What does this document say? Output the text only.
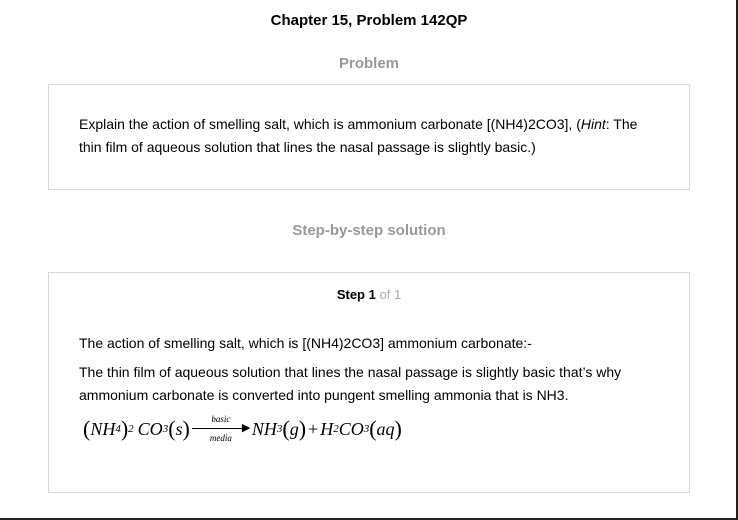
Chapter 15, Problem 142QP
Problem
Explain the action of smelling salt, which is ammonium carbonate [(NH4)2CO3], (Hint: The thin film of aqueous solution that lines the nasal passage is slightly basic.)
Step-by-step solution
Step 1 of 1
The action of smelling salt, which is [(NH4)2CO3] ammonium carbonate:-
The thin film of aqueous solution that lines the nasal passage is slightly basic that’s why ammonium carbonate is converted into pungent smelling ammonia that is NH3.
( NH 4 ) 2 CO 3 ( s )	basic
▶
media	NH 3 ( g ) + H 2 CO 3 ( aq )
